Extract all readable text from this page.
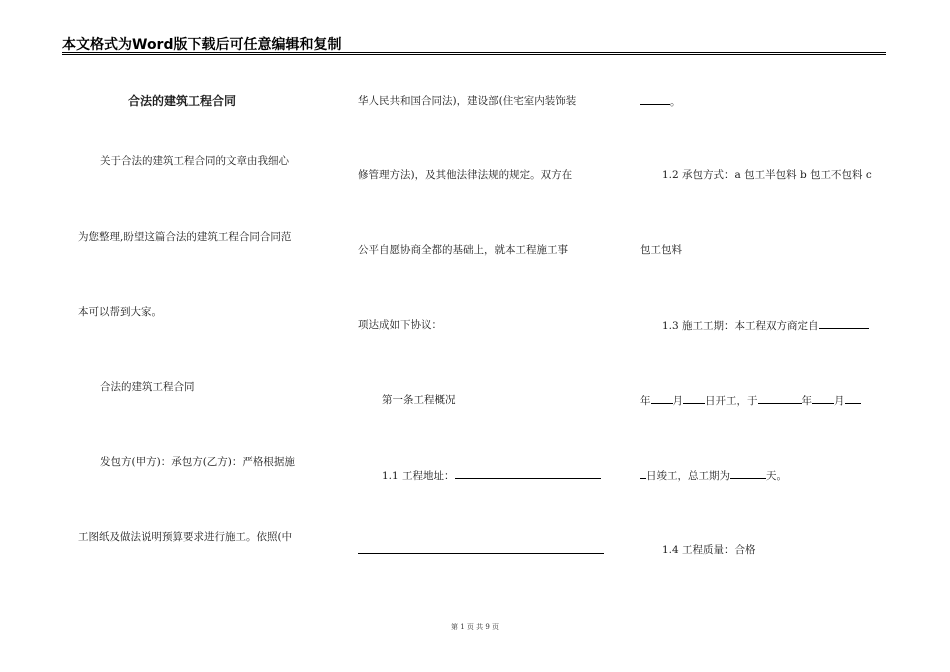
本文格式为Word版下载后可任意编辑和复制
合法的建筑工程合同
关于合法的建筑工程合同的文章由我细心
为您整理,盼望这篇合法的建筑工程合同合同范
本可以帮到大家。
合法的建筑工程合同
发包方(甲方)：承包方(乙方)：严格根据施
工图纸及做法说明预算要求进行施工。依照(中
华人民共和国合同法)，建设部(住宅室内装饰装
修管理方法)，及其他法律法规的规定。双方在
公平自愿协商全都的基础上，就本工程施工事
项达成如下协议：
第一条工程概况
1.1 工程地址：
。
1.2 承包方式：a 包工半包料 b 包工不包料 c
包工包料
1.3 施工工期：本工程双方商定自
年 月 日开工，于	年 月
日竣工，总工期为	天。
1.4 工程质量：合格
第 1 页 共 9 页
